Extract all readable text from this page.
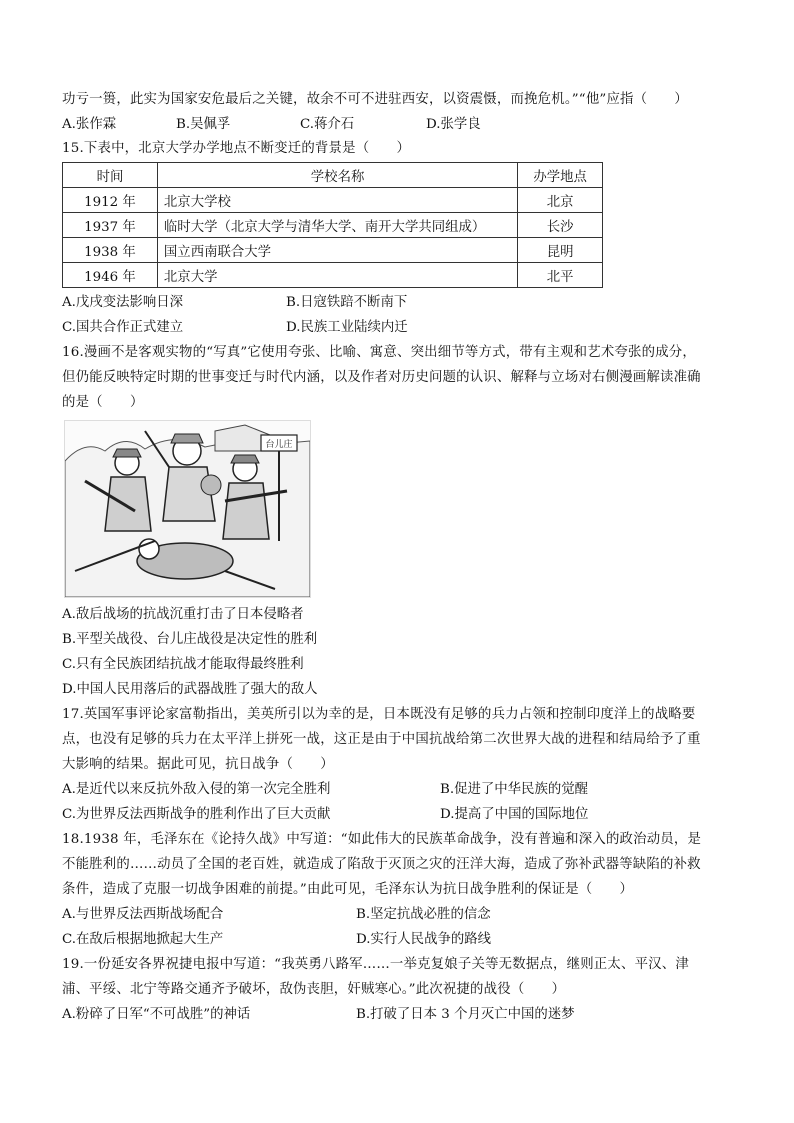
功亏一篑，此实为国家安危最后之关键，故余不可不进驻西安，以资震慑，而挽危机。”“他”应指（　　）
A.张作霖	B.吴佩孚	C.蒋介石	D.张学良
15.下表中，北京大学办学地点不断变迁的背景是（　　）
时间	学校名称	办学地点
1912 年	北京大学校	北京
1937 年	临时大学（北京大学与清华大学、南开大学共同组成）	长沙
1938 年	国立西南联合大学	昆明
1946 年	北京大学	北平
A.戊戌变法影响日深	B.日寇铁踣不断南下
C.国共合作正式建立	D.民族工业陆续内迁
16.漫画不是客观实物的“写真”它使用夸张、比喻、寓意、突出细节等方式，带有主观和艺术夸张的成分，
但仍能反映特定时期的世事变迁与时代内涵，以及作者对历史问题的认识、解释与立场对右侧漫画解读准确
的是（　　）
台儿庄
A.敌后战场的抗战沉重打击了日本侵略者
B.平型关战役、台儿庄战役是决定性的胜利
C.只有全民族团结抗战才能取得最终胜利
D.中国人民用落后的武器战胜了强大的敌人
17.英国军事评论家富勒指出，美英所引以为幸的是，日本既没有足够的兵力占领和控制印度洋上的战略要
点，也没有足够的兵力在太平洋上拼死一战，这正是由于中国抗战给第二次世界大战的进程和结局给予了重
大影响的结果。据此可见，抗日战争（　　）
A.是近代以来反抗外敌入侵的第一次完全胜利	B.促进了中华民族的觉醒
C.为世界反法西斯战争的胜利作出了巨大贡献	D.提高了中国的国际地位
18.1938 年，毛泽东在《论持久战》中写道：“如此伟大的民族革命战争，没有普遍和深入的政治动员，是
不能胜利的……动员了全国的老百姓，就造成了陷敌于灭顶之灾的汪洋大海，造成了弥补武器等缺陷的补救
条件，造成了克服一切战争困难的前提。”由此可见，毛泽东认为抗日战争胜利的保证是（　　）
A.与世界反法西斯战场配合	B.坚定抗战必胜的信念
C.在敌后根据地掀起大生产	D.实行人民战争的路线
19.一份延安各界祝捷电报中写道：“我英勇八路军……一举克复娘子关等无数据点，继则正太、平汉、津
浦、平绥、北宁等路交通齐予破坏，敌伪丧胆，奸贼寒心。”此次祝捷的战役（　　）
A.粉碎了日军“不可战胜”的神话	B.打破了日本 3 个月灭亡中国的迷梦
